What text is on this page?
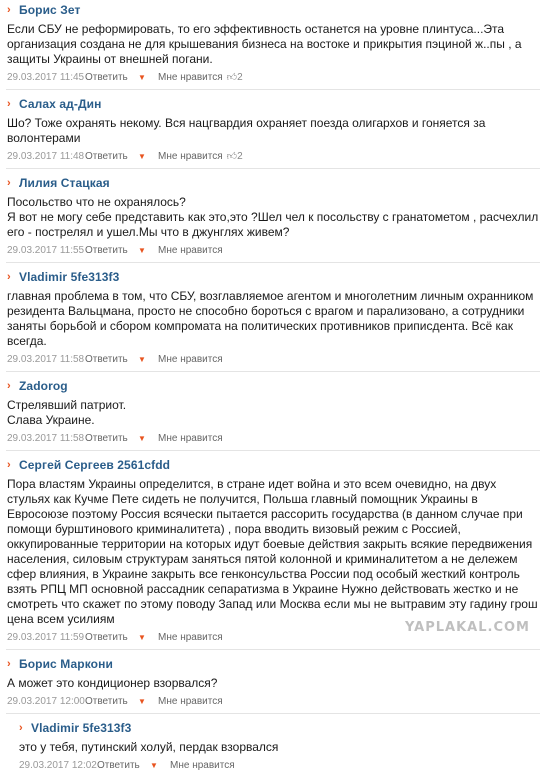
› Борис Зет
Если СБУ не реформировать, то его эффективность останется на уровне плинтуса...Эта организация создана не для крышевания бизнеса на востоке и прикрытия пэциной ж..пы , а защиты Украины от внешней погани.
29.03.2017 11:45 Ответить	▼	Мне нравится 👍︎ 2
› Салах ад-Дин
Шо? Тоже охранять некому. Вся нацгвардия охраняет поезда олигархов и гоняется за волонтерами
29.03.2017 11:48 Ответить	▼	Мне нравится 👍︎ 2
› Лилия Стацкая
Посольство что не охранялось?
Я вот не могу себе представить как это,это ?Шел чел к посольству с гранатометом , расчехлил его - пострелял и ушел.Мы что в джунглях живем?
29.03.2017 11:55 Ответить	▼	Мне нравится
› Vladimir 5fe313f3
главная проблема в том, что СБУ, возглавляемое агентом и многолетним личным охранником резидента Вальцмана, просто не способно бороться с врагом и парализовано, а сотрудники заняты борьбой и сбором компромата на политических противников приписдента. Всё как всегда.
29.03.2017 11:58 Ответить	▼	Мне нравится
› Zadorog
Стрелявший патриот.
Слава Украине.
29.03.2017 11:58 Ответить	▼	Мне нравится
› Сергей Сергеев 2561cfdd
Пора властям Украины определится, в стране идет война и это всем очевидно, на двух стульях как Кучме Пете сидеть не получится, Польша главный помощник Украины в Евросоюзе поэтому Россия всячески пытается рассорить государства (в данном случае при помощи бурштинового криминалитета) , пора вводить визовый режим с Россией, оккупированные территории на которых идут боевые действия закрыть всякие передвижения населения, силовым структурам заняться пятой колонной и криминалитетом а не дележем сфер влияния, в Украине закрыть все генконсульства России под особый жесткий контроль взять РПЦ МП основной рассадник сепаратизма в Украине Нужно действовать жестко и не смотреть что скажет по этому поводу Запад или Москва если мы не вытравим эту гадину грош цена всем усилиям
29.03.2017 11:59 Ответить	▼	Мне нравится
› Борис Маркони
А может это кондиционер взорвался?
29.03.2017 12:00 Ответить	▼	Мне нравится
› Vladimir 5fe313f3
это у тебя, путинский холуй, пердак взорвался
29.03.2017 12:02 Ответить	▼	Мне нравится
YAPLAKAL.COM
